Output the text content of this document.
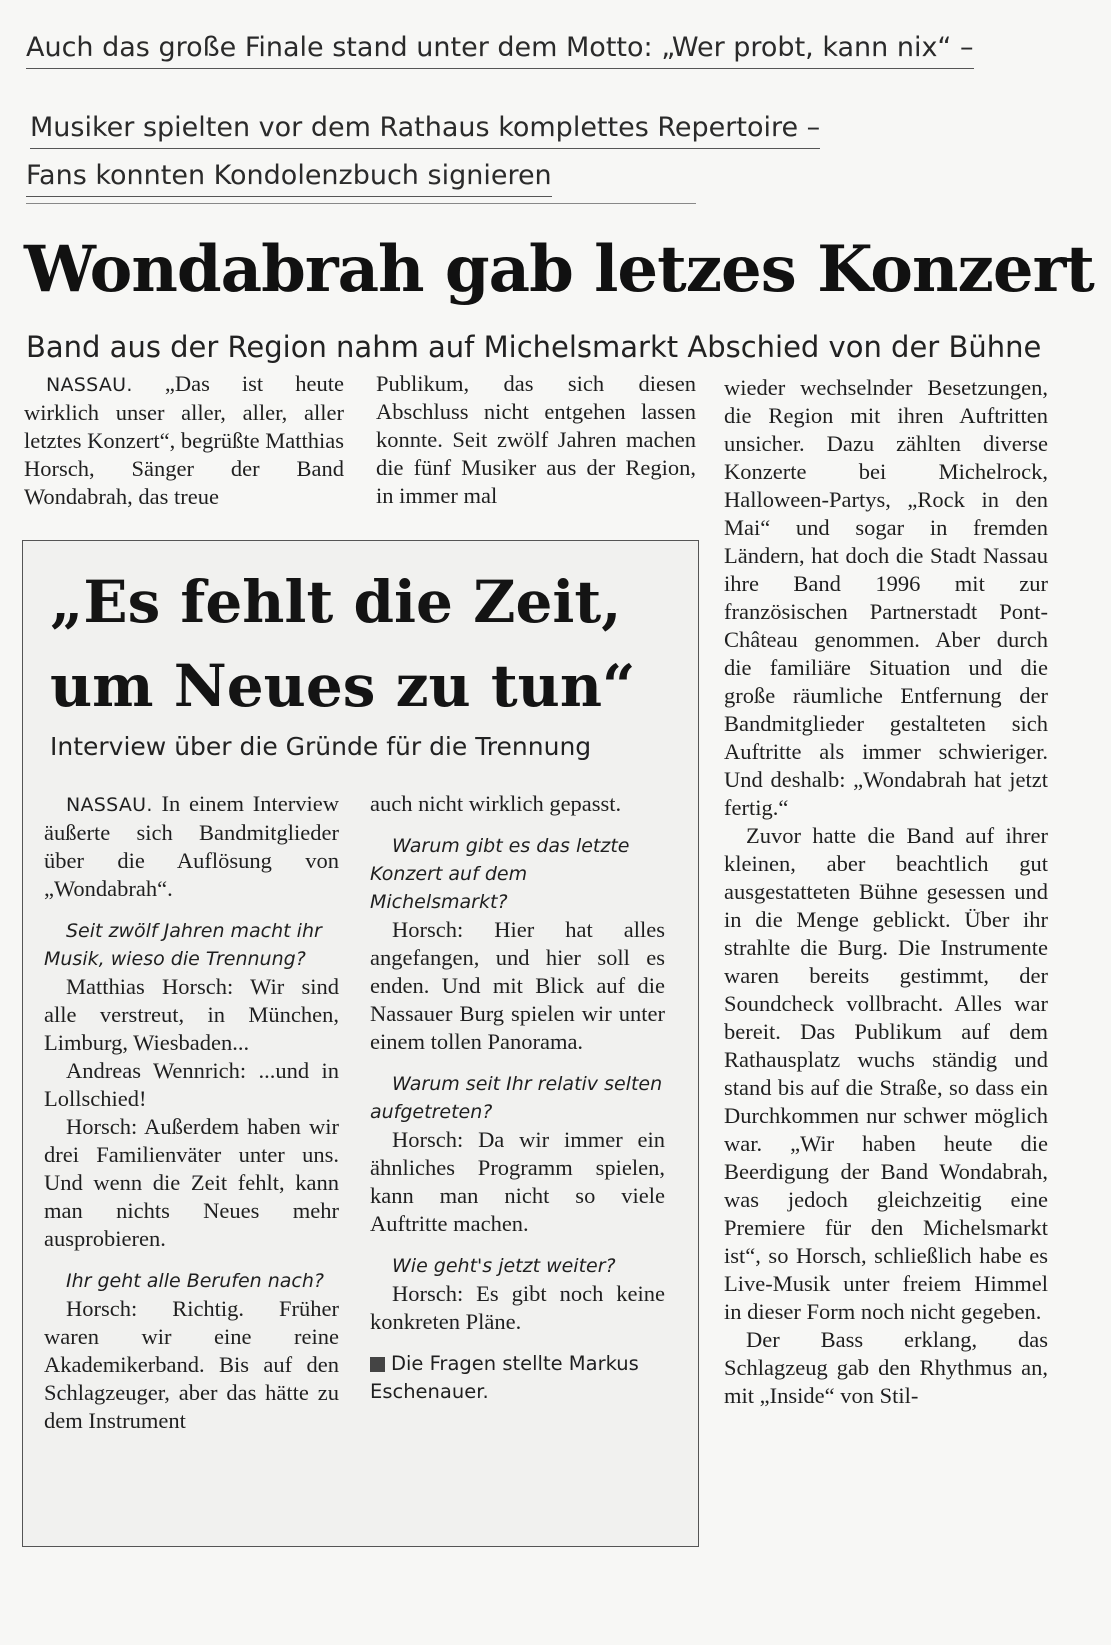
Auch das große Finale stand unter dem Motto: „Wer probt, kann nix“ –
Musiker spielten vor dem Rathaus komplettes Repertoire –
Fans konnten Kondolenzbuch signieren
Wondabrah gab letzes Konzert
Band aus der Region nahm auf Michelsmarkt Abschied von der Bühne

NASSAU. „Das ist heute wirklich unser aller, aller, aller letztes Konzert“, begrüßte Matthias Horsch, Sänger der Band Wondabrah, das treue

Publikum, das sich diesen Abschluss nicht entgehen lassen konnte. Seit zwölf Jahren machen die fünf Musiker aus der Region, in immer mal

wieder wechselnder Besetzungen, die Region mit ihren Auftritten unsicher. Dazu zählten diverse Konzerte bei Michelrock, Halloween-Partys, „Rock in den Mai“ und sogar in fremden Ländern, hat doch die Stadt Nassau ihre Band 1996 mit zur französischen Partnerstadt Pont-Château genommen. Aber durch die familiäre Situation und die große räumliche Entfernung der Bandmitglieder gestalteten sich Auftritte als immer schwieriger. Und deshalb: „Wondabrah hat jetzt fertig.“

Zuvor hatte die Band auf ihrer kleinen, aber beachtlich gut ausgestatteten Bühne gesessen und in die Menge geblickt. Über ihr strahlte die Burg. Die Instrumente waren bereits gestimmt, der Soundcheck vollbracht. Alles war bereit. Das Publikum auf dem Rathausplatz wuchs ständig und stand bis auf die Straße, so dass ein Durchkommen nur schwer möglich war. „Wir haben heute die Beerdigung der Band Wondabrah, was jedoch gleichzeitig eine Premiere für den Michelsmarkt ist“, so Horsch, schließlich habe es Live-Musik unter freiem Himmel in dieser Form noch nicht gegeben.

Der Bass erklang, das Schlagzeug gab den Rhythmus an, mit „Inside“ von Stil-

„Es fehlt die Zeit,
um Neues zu tun“
Interview über die Gründe für die Trennung

NASSAU. In einem Interview äußerte sich Bandmitglieder über die Auflösung von „Wondabrah“.

Seit zwölf Jahren macht ihr Musik, wieso die Trennung?

Matthias Horsch: Wir sind alle verstreut, in München, Limburg, Wiesbaden...

Andreas Wennrich: ...und in Lollschied!

Horsch: Außerdem haben wir drei Familienväter unter uns. Und wenn die Zeit fehlt, kann man nichts Neues mehr ausprobieren.

Ihr geht alle Berufen nach?

Horsch: Richtig. Früher waren wir eine reine Akademikerband. Bis auf den Schlagzeuger, aber das hätte zu dem Instrument

auch nicht wirklich gepasst.

Warum gibt es das letzte Konzert auf dem Michelsmarkt?

Horsch: Hier hat alles angefangen, und hier soll es enden. Und mit Blick auf die Nassauer Burg spielen wir unter einem tollen Panorama.

Warum seit Ihr relativ selten aufgetreten?

Horsch: Da wir immer ein ähnliches Programm spielen, kann man nicht so viele Auftritte machen.

Wie geht's jetzt weiter?

Horsch: Es gibt noch keine konkreten Pläne.

Die Fragen stellte Markus Eschenauer.
